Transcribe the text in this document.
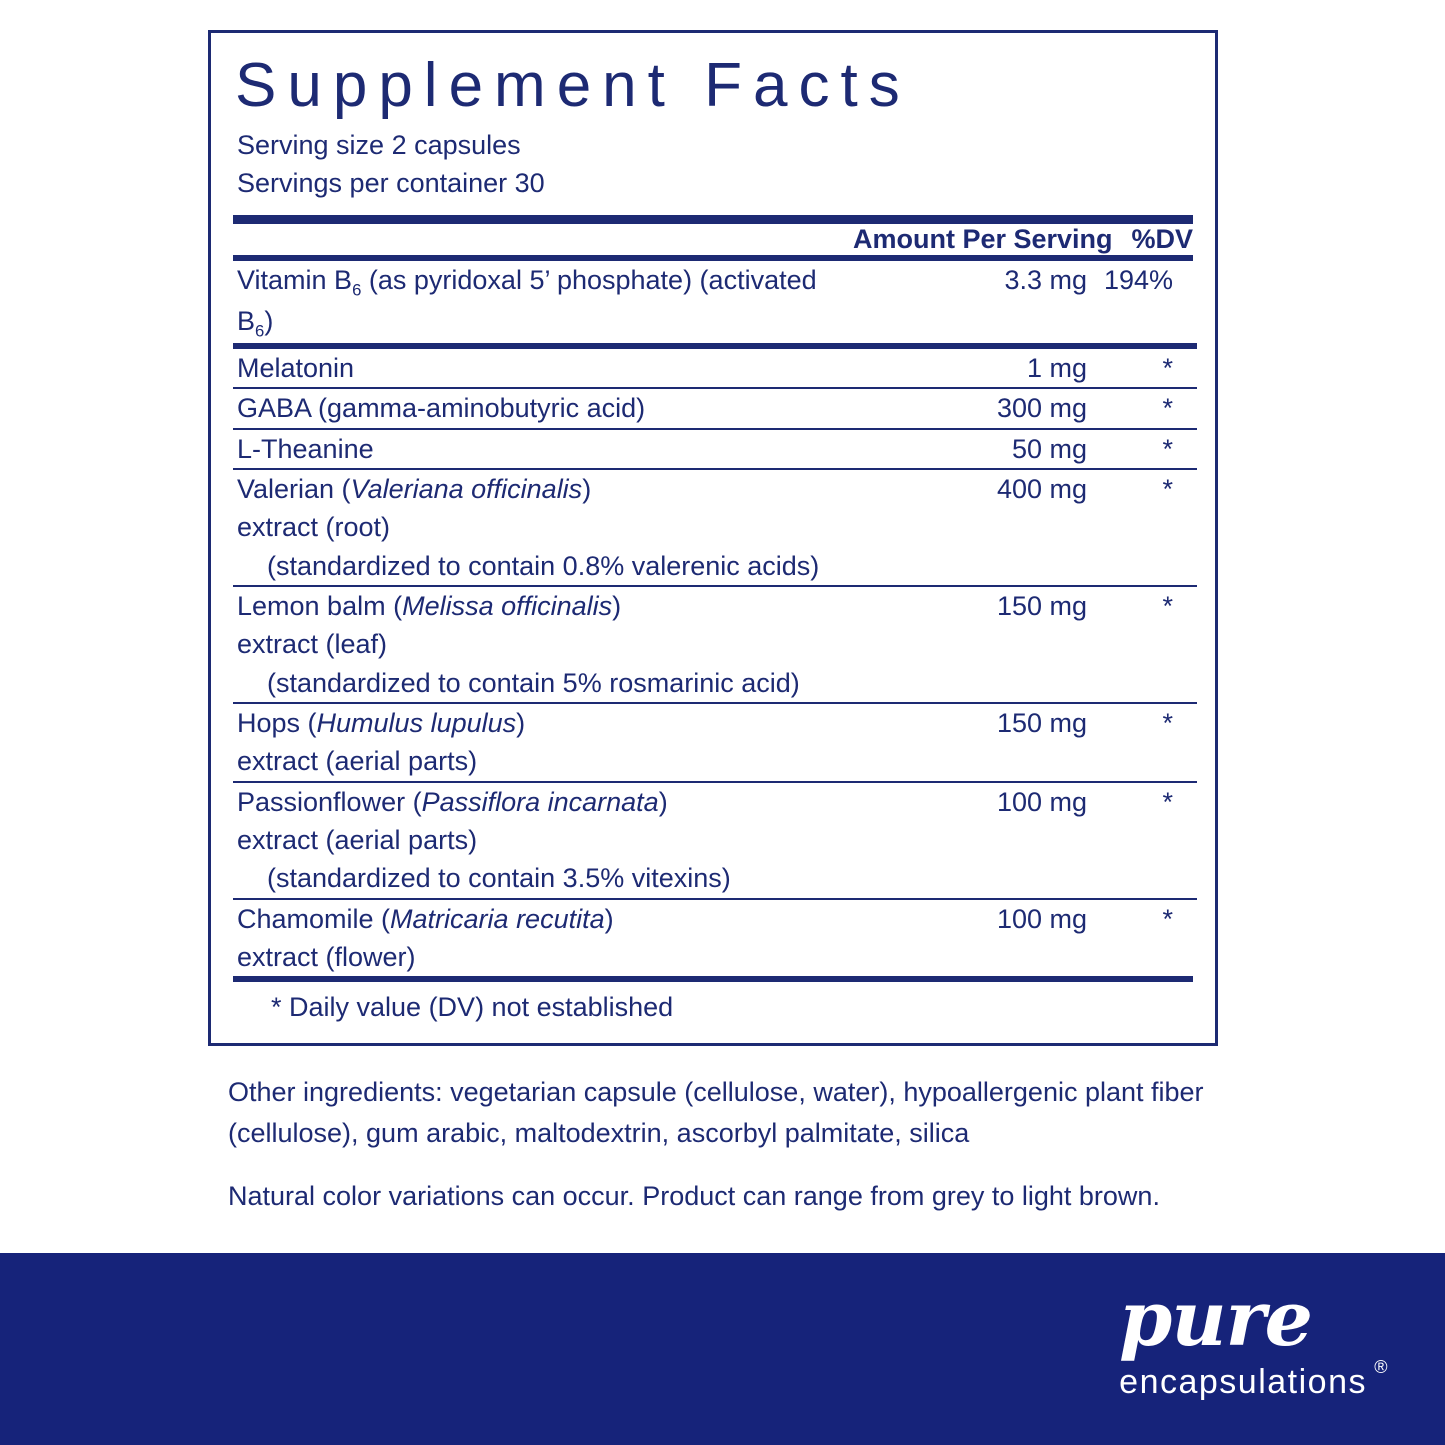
Supplement Facts
Serving size 2 capsules
Servings per container 30
	Amount Per Serving	%DV
Vitamin $B_6$ (as pyridoxal 5’ phosphate) (activated $B_6$)	3.3 mg	194%
Melatonin	1 mg	*
GABA (gamma-aminobutyric acid)	300 mg	*
L-Theanine	50 mg	*
Valerian (Valeriana officinalis)
extract (root)
(standardized to contain 0.8% valerenic acids)	400 mg	*
Lemon balm (Melissa officinalis)
extract (leaf)
(standardized to contain 5% rosmarinic acid)	150 mg	*
Hops (Humulus lupulus)
extract (aerial parts)	150 mg	*
Passionflower (Passiflora incarnata)
extract (aerial parts)
(standardized to contain 3.5% vitexins)	100 mg	*
Chamomile (Matricaria recutita)
extract (flower)	100 mg	*
* Daily value (DV) not established
Other ingredients: vegetarian capsule (cellulose, water), hypoallergenic plant fiber (cellulose), gum arabic, maltodextrin, ascorbyl palmitate, silica
Natural color variations can occur. Product can range from grey to light brown.
pure
encapsulations ®
